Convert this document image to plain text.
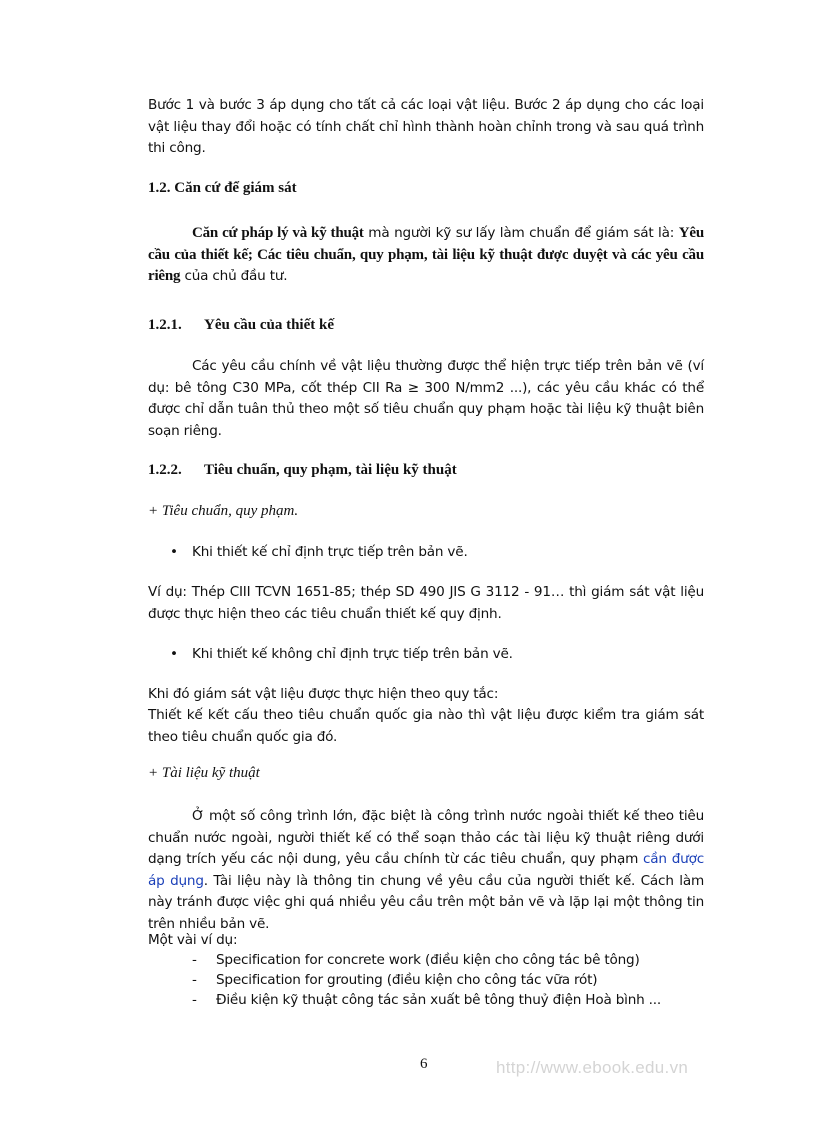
Bước 1 và bước 3 áp dụng cho tất cả các loại vật liệu. Bước 2 áp dụng cho các loại vật liệu thay đổi hoặc có tính chất chỉ hình thành hoàn chỉnh trong và sau quá trình thi công.

1.2. Căn cứ để giám sát

Căn cứ pháp lý và kỹ thuật mà người kỹ sư lấy làm chuẩn để giám sát là: Yêu cầu của thiết kế; Các tiêu chuẩn, quy phạm, tài liệu kỹ thuật được duyệt và các yêu cầu riêng của chủ đầu tư.

1.2.1. Yêu cầu của thiết kế

Các yêu cầu chính về vật liệu thường được thể hiện trực tiếp trên bản vẽ (ví dụ: bê tông C30 MPa, cốt thép CII Ra ≥ 300 N/mm2 ...), các yêu cầu khác có thể được chỉ dẫn tuân thủ theo một số tiêu chuẩn quy phạm hoặc tài liệu kỹ thuật biên soạn riêng.

1.2.2. Tiêu chuẩn, quy phạm, tài liệu kỹ thuật

+ Tiêu chuẩn, quy phạm.

• Khi thiết kế chỉ định trực tiếp trên bản vẽ.

Ví dụ: Thép CIII TCVN 1651-85; thép SD 490 JIS G 3112 - 91… thì giám sát vật liệu được thực hiện theo các tiêu chuẩn thiết kế quy định.

• Khi thiết kế không chỉ định trực tiếp trên bản vẽ.

Khi đó giám sát vật liệu được thực hiện theo quy tắc:

Thiết kế kết cấu theo tiêu chuẩn quốc gia nào thì vật liệu được kiểm tra giám sát theo tiêu chuẩn quốc gia đó.

+ Tài liệu kỹ thuật

Ở một số công trình lớn, đặc biệt là công trình nước ngoài thiết kế theo tiêu chuẩn nước ngoài, người thiết kế có thể soạn thảo các tài liệu kỹ thuật riêng dưới dạng trích yếu các nội dung, yêu cầu chính từ các tiêu chuẩn, quy phạm cần được áp dụng. Tài liệu này là thông tin chung về yêu cầu của người thiết kế. Cách làm này tránh được việc ghi quá nhiều yêu cầu trên một bản vẽ và lặp lại một thông tin trên nhiều bản vẽ.

Một vài ví dụ:

- Specification for concrete work (điều kiện cho công tác bê tông)

- Specification for grouting (điều kiện cho công tác vữa rót)

- Điều kiện kỹ thuật công tác sản xuất bê tông thuỷ điện Hoà bình ...

6	http://www.ebook.edu.vn
